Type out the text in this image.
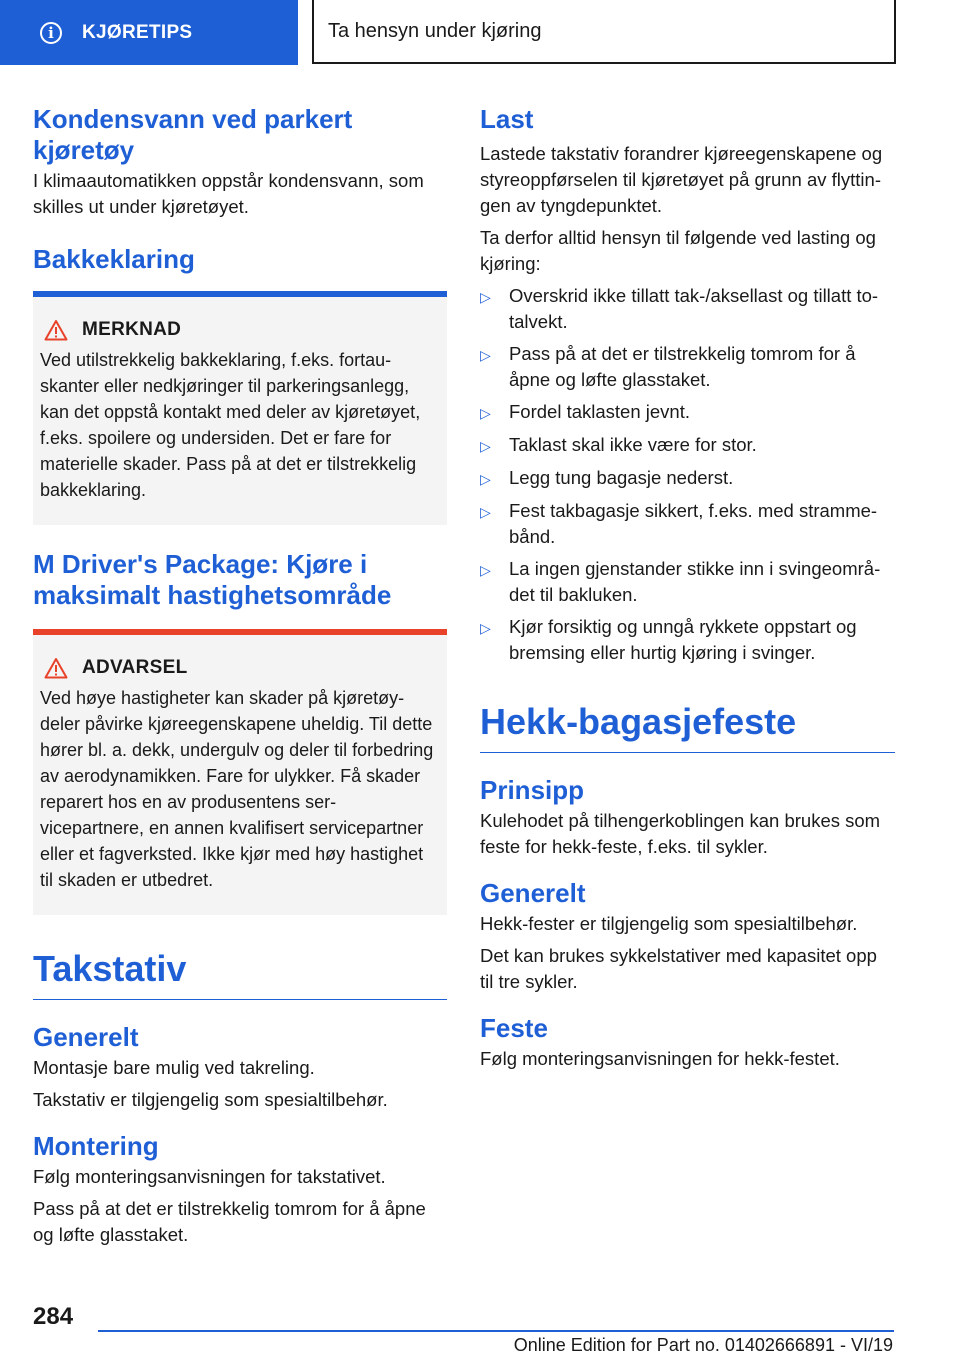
i	KJØRETIPS	Ta hensyn under kjøring
Kondensvann ved parkert kjøretøy

I klimaautomatikken oppstår kondensvann, som skilles ut under kjøretøyet.

Bakkeklaring
MERKNAD

Ved utilstrekkelig bakkeklaring, f.eks. fortau-skanter eller nedkjøringer til parkeringsanlegg, kan det oppstå kontakt med deler av kjøretøyet, f.eks. spoilere og undersiden. Det er fare for materielle skader. Pass på at det er tilstrekkelig bakkeklaring.

M Driver's Package: Kjøre i maksimalt hastighetsområde
ADVARSEL

Ved høye hastigheter kan skader på kjøretøy-deler påvirke kjøreegenskapene uheldig. Til dette hører bl. a. dekk, undergulv og deler til forbedring av aerodynamikken. Fare for ulykker. Få skader reparert hos en av produsentens ser-vicepartnere, en annen kvalifisert servicepartner eller et fagverksted. Ikke kjør med høy hastighet til skaden er utbedret.

Takstativ
Generelt

Montasje bare mulig ved takreling.

Takstativ er tilgjengelig som spesialtilbehør.

Montering

Følg monteringsanvisningen for takstativet.

Pass på at det er tilstrekkelig tomrom for å åpne og løfte glasstaket.

Last

Lastede takstativ forandrer kjøreegenskapene og styreoppførselen til kjøretøyet på grunn av flyttin-gen av tyngdepunktet.

Ta derfor alltid hensyn til følgende ved lasting og kjøring:

▷ Overskrid ikke tillatt tak-/aksellast og tillatt to-talvekt.
▷ Pass på at det er tilstrekkelig tomrom for å åpne og løfte glasstaket.
▷ Fordel taklasten jevnt.
▷ Taklast skal ikke være for stor.
▷ Legg tung bagasje nederst.
▷ Fest takbagasje sikkert, f.eks. med stramme-bånd.
▷ La ingen gjenstander stikke inn i svingeområ-det til bakluken.
▷ Kjør forsiktig og unngå rykkete oppstart og bremsing eller hurtig kjøring i svinger.
Hekk-bagasjefeste
Prinsipp

Kulehodet på tilhengerkoblingen kan brukes som feste for hekk-feste, f.eks. til sykler.

Generelt

Hekk-fester er tilgjengelig som spesialtilbehør.

Det kan brukes sykkelstativer med kapasitet opp til tre sykler.

Feste

Følg monteringsanvisningen for hekk-festet.

284
Online Edition for Part no. 01402666891 - VI/19
